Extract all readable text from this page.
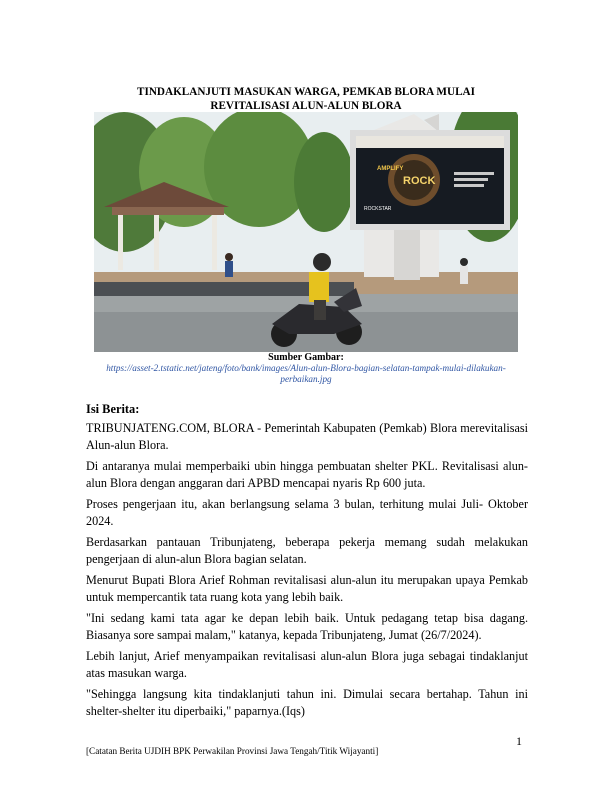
TINDAKLANJUTI MASUKAN WARGA, PEMKAB BLORA MULAI
REVITALISASI ALUN-ALUN BLORA
AMPLIFY
ROCK
ROCKSTAR
Sumber Gambar:
https://asset-2.tstatic.net/jateng/foto/bank/images/Alun-alun-Blora-bagian-selatan-tampak-mulai-dilakukan-
perbaikan.jpg
Isi Berita:

TRIBUNJATENG.COM, BLORA - Pemerintah Kabupaten (Pemkab) Blora merevitalisasi Alun-alun Blora.

Di antaranya mulai memperbaiki ubin hingga pembuatan shelter PKL. Revitalisasi alun-alun Blora dengan anggaran dari APBD mencapai nyaris Rp 600 juta.

Proses pengerjaan itu, akan berlangsung selama 3 bulan, terhitung mulai Juli- Oktober 2024.

Berdasarkan pantauan Tribunjateng, beberapa pekerja memang sudah melakukan pengerjaan di alun-alun Blora bagian selatan.

Menurut Bupati Blora Arief Rohman revitalisasi alun-alun itu merupakan upaya Pemkab untuk mempercantik tata ruang kota yang lebih baik.

"Ini sedang kami tata agar ke depan lebih baik. Untuk pedagang tetap bisa dagang. Biasanya sore sampai malam," katanya, kepada Tribunjateng, Jumat (26/7/2024).

Lebih lanjut, Arief menyampaikan revitalisasi alun-alun Blora juga sebagai tindaklanjut atas masukan warga.

"Sehingga langsung kita tindaklanjuti tahun ini. Dimulai secara bertahap. Tahun ini shelter-shelter itu diperbaiki," paparnya.(Iqs)

1
[Catatan Berita UJDIH BPK Perwakilan Provinsi Jawa Tengah/Titik Wijayanti]
